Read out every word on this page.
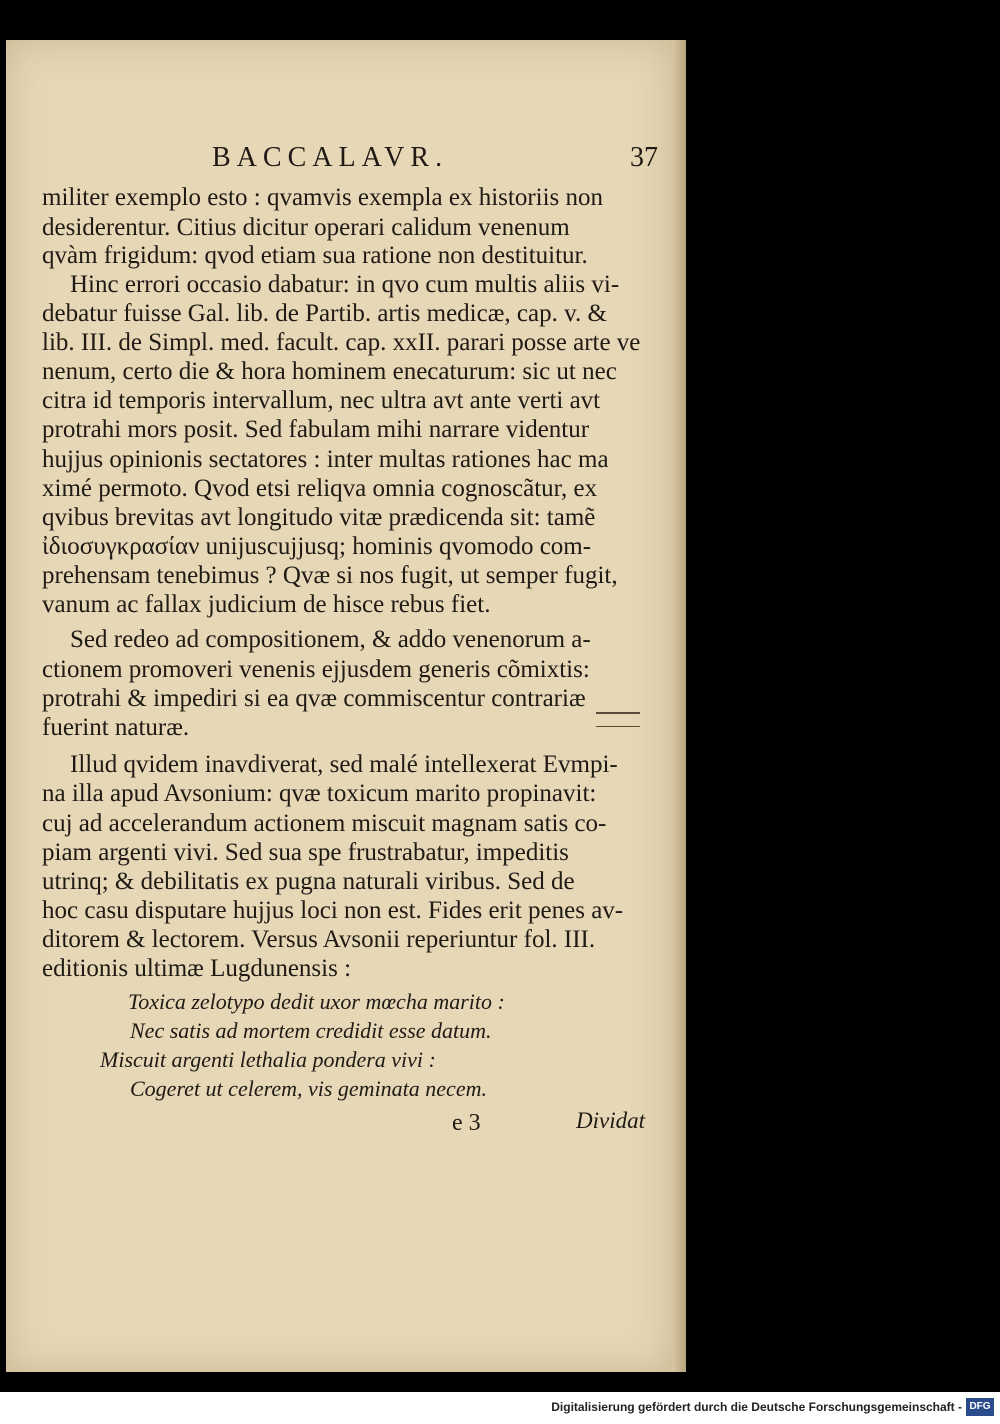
BACCALAVR.	37
militer exemplo esto : qvamvis exempla ex historiis non
desiderentur. Citius dicitur operari calidum venenum
qvàm frigidum: qvod etiam sua ratione non destituitur.
Hinc errori occasio dabatur: in qvo cum multis aliis vi-
debatur fuisse Gal. lib. de Partib. artis medicæ, cap. v. &
lib. III. de Simpl. med. facult. cap. xxII. parari posse arte ve
nenum, certo die & hora hominem enecaturum: sic ut nec
citra id temporis intervallum, nec ultra avt ante verti avt
protrahi mors posit. Sed fabulam mihi narrare videntur
hujjus opinionis sectatores : inter multas rationes hac ma
ximé permoto. Qvod etsi reliqva omnia cognoscãtur, ex
qvibus brevitas avt longitudo vitæ prædicenda sit: tamẽ
ἰδιοσυγκρασίαν unijuscujjusq; hominis qvomodo com-
prehensam tenebimus ? Qvæ si nos fugit, ut semper fugit,
vanum ac fallax judicium de hisce rebus fiet.
Sed redeo ad compositionem, & addo venenorum a-
ctionem promoveri venenis ejjusdem generis cõmixtis:
protrahi & impediri si ea qvæ commiscentur contrariæ
fuerint naturæ.
Illud qvidem inavdiverat, sed malé intellexerat Evmpi-
na illa apud Avsonium: qvæ toxicum marito propinavit:
cuj ad accelerandum actionem miscuit magnam satis co-
piam argenti vivi. Sed sua spe frustrabatur, impeditis
utrinq; & debilitatis ex pugna naturali viribus. Sed de
hoc casu disputare hujjus loci non est. Fides erit penes av-
ditorem & lectorem. Versus Avsonii reperiuntur fol. III.
editionis ultimæ Lugdunensis :
Toxica zelotypo dedit uxor mœcha marito :
Nec satis ad mortem credidit esse datum.
Miscuit argenti lethalia pondera vivi :
Cogeret ut celerem, vis geminata necem.
e 3	Dividat
Digitalisierung gefördert durch die Deutsche Forschungsgemeinschaft - DFG
